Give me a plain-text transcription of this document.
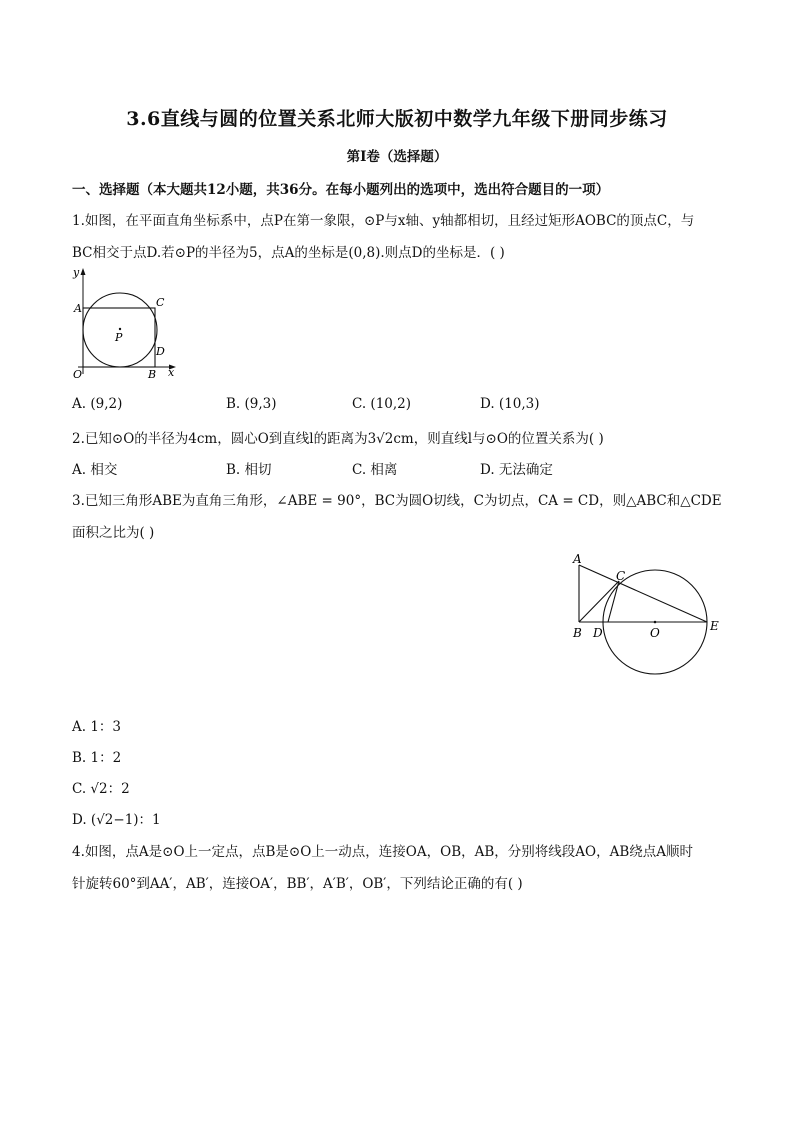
3.6直线与圆的位置关系北师大版初中数学九年级下册同步练习
第I卷（选择题）
一、选择题（本大题共12小题，共36分。在每小题列出的选项中，选出符合题目的一项）
1.如图，在平面直角坐标系中，点P在第一象限，⊙P与x轴、y轴都相切，且经过矩形AOBC的顶点C，与
BC相交于点D.若⊙P的半径为5，点A的坐标是(0,8).则点D的坐标是．( )
y
A	C
P
D
O	B x
A. (9,2)	B. (9,3)	C. (10,2)	D. (10,3)
2.已知⊙O的半径为4cm，圆心O到直线l的距离为3√2cm，则直线l与⊙O的位置关系为( )
A. 相交	B. 相切	C. 相离	D. 无法确定
3.已知三角形ABE为直角三角形，∠ABE = 90°，BC为圆O切线，C为切点，CA = CD，则△ABC和△CDE
面积之比为( )
A
C
B D	O	E
A. 1：3
B. 1：2
C. √2：2
D. (√2−1)：1
4.如图，点A是⊙O上一定点，点B是⊙O上一动点，连接OA，OB，AB，分别将线段AO，AB绕点A顺时
针旋转60°到AA′，AB′，连接OA′，BB′，A′B′，OB′，下列结论正确的有( )
